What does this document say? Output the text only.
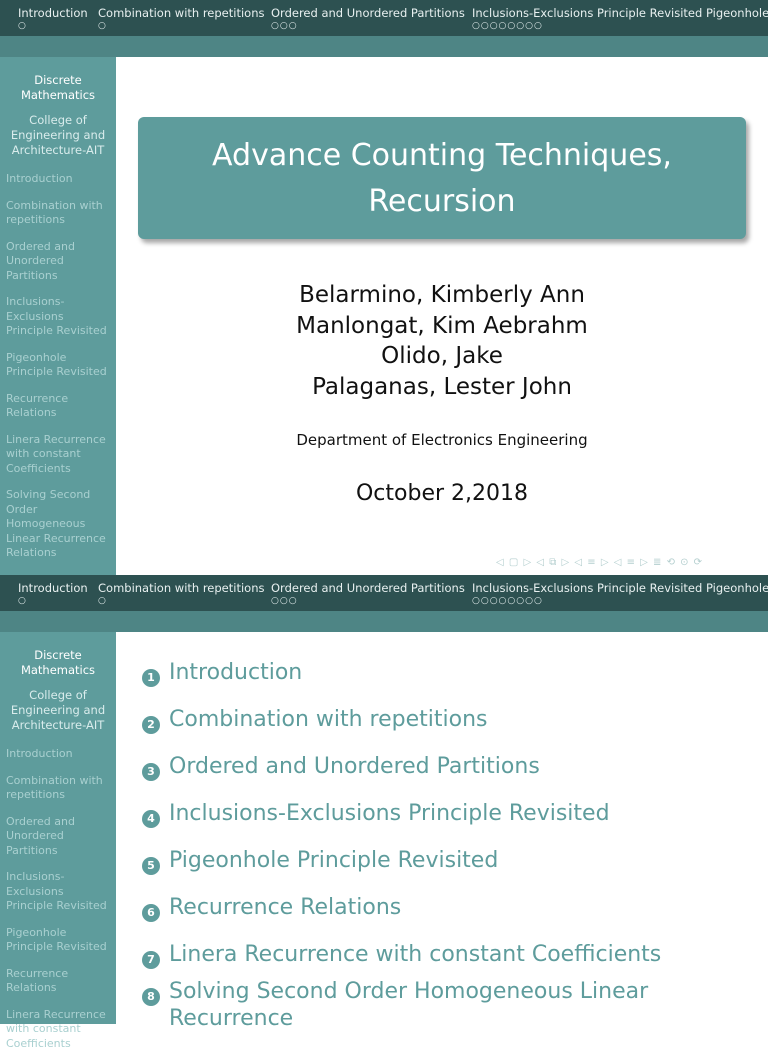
Introduction
○
Combination with repetitions
○
Ordered and Unordered Partitions
○○○
Inclusions-Exclusions Principle Revisited
○○○○○○○○
Pigeonhole
Discrete Mathematics
College of Engineering and Architecture-AIT
Introduction
Combination with repetitions
Ordered and Unordered Partitions
Inclusions-Exclusions Principle Revisited
Pigeonhole Principle Revisited
Recurrence Relations
Linera Recurrence with constant Coefficients
Solving Second Order Homogeneous Linear Recurrence Relations
Advance Counting Techniques,
Recursion
Belarmino, Kimberly Ann
Manlongat, Kim Aebrahm
Olido, Jake
Palaganas, Lester John
Department of Electronics Engineering
October 2,2018
◁ ▢ ▷ ◁ ⧉ ▷ ◁ ≡ ▷ ◁ ≡ ▷ ≣ ⟲ ⊙ ⟳
Introduction
○
Combination with repetitions
○
Ordered and Unordered Partitions
○○○
Inclusions-Exclusions Principle Revisited
○○○○○○○○
Pigeonhole
Discrete Mathematics
College of Engineering and Architecture-AIT
Introduction
Combination with repetitions
Ordered and Unordered Partitions
Inclusions-Exclusions Principle Revisited
Pigeonhole Principle Revisited
Recurrence Relations
Linera Recurrence with constant Coefficients
1 Introduction
2 Combination with repetitions
3 Ordered and Unordered Partitions
4 Inclusions-Exclusions Principle Revisited
5 Pigeonhole Principle Revisited
6 Recurrence Relations
7 Linera Recurrence with constant Coefficients
8 Solving Second Order Homogeneous Linear Recurrence
